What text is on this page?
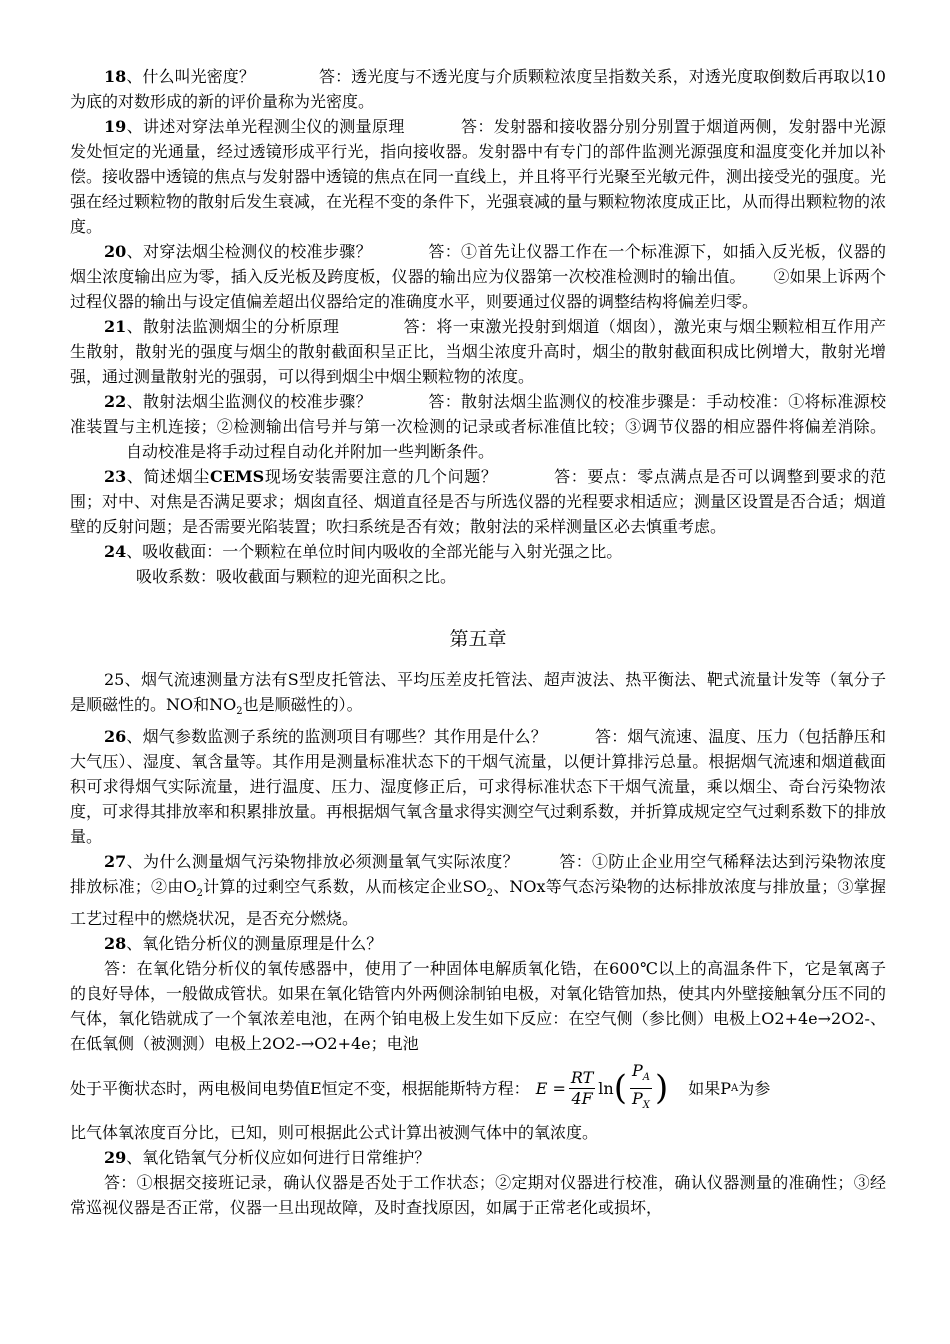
18、什么叫光密度？	答：透光度与不透光度与介质颗粒浓度呈指数关系，对透光度取倒数后再取以10为底的对数形成的新的评价量称为光密度。

19、讲述对穿法单光程测尘仪的测量原理	答：发射器和接收器分别分别置于烟道两侧，发射器中光源发处恒定的光通量，经过透镜形成平行光，指向接收器。发射器中有专门的部件监测光源强度和温度变化并加以补偿。接收器中透镜的焦点与发射器中透镜的焦点在同一直线上，并且将平行光聚至光敏元件，测出接受光的强度。光强在经过颗粒物的散射后发生衰减，在光程不变的条件下，光强衰减的量与颗粒物浓度成正比，从而得出颗粒物的浓度。

20、对穿法烟尘检测仪的校准步骤？	答：①首先让仪器工作在一个标准源下，如插入反光板，仪器的烟尘浓度输出应为零，插入反光板及跨度板，仪器的输出应为仪器第一次校准检测时的输出值。 ②如果上诉两个过程仪器的输出与设定值偏差超出仪器给定的准确度水平，则要通过仪器的调整结构将偏差归零。

21、散射法监测烟尘的分析原理	答：将一束激光投射到烟道（烟囱），激光束与烟尘颗粒相互作用产生散射，散射光的强度与烟尘的散射截面积呈正比，当烟尘浓度升高时，烟尘的散射截面积成比例增大，散射光增强，通过测量散射光的强弱，可以得到烟尘中烟尘颗粒物的浓度。

22、散射法烟尘监测仪的校准步骤？	答：散射法烟尘监测仪的校准步骤是：手动校准：①将标准源校准装置与主机连接；②检测输出信号并与第一次检测的记录或者标准值比较；③调节仪器的相应器件将偏差消除。自动校准是将手动过程自动化并附加一些判断条件。

23、简述烟尘CEMS现场安装需要注意的几个问题？	答：要点：零点满点是否可以调整到要求的范围；对中、对焦是否满足要求；烟囱直径、烟道直径是否与所选仪器的光程要求相适应；测量区设置是否合适；烟道壁的反射问题；是否需要光陷装置；吹扫系统是否有效；散射法的采样测量区必去慎重考虑。

24、吸收截面：一个颗粒在单位时间内吸收的全部光能与入射光强之比。

吸收系数：吸收截面与颗粒的迎光面积之比。

第五章

25、烟气流速测量方法有S型皮托管法、平均压差皮托管法、超声波法、热平衡法、靶式流量计发等（氧分子是顺磁性的。NO和$NO_2$也是顺磁性的）。

26、烟气参数监测子系统的监测项目有哪些？其作用是什么？	答：烟气流速、温度、压力（包括静压和大气压）、湿度、氧含量等。其作用是测量标准状态下的干烟气流量，以便计算排污总量。根据烟气流速和烟道截面积可求得烟气实际流量，进行温度、压力、湿度修正后，可求得标准状态下干烟气流量，乘以烟尘、奇台污染物浓度，可求得其排放率和积累排放量。再根据烟气氧含量求得实测空气过剩系数，并折算成规定空气过剩系数下的排放量。

27、为什么测量烟气污染物排放必须测量氧气实际浓度？	答：①防止企业用空气稀释法达到污染物浓度排放标准；②由$O_2$计算的过剩空气系数，从而核定企业$SO_2$、NOx等气态污染物的达标排放浓度与排放量；③掌握工艺过程中的燃烧状况，是否充分燃烧。

28、氧化锆分析仪的测量原理是什么？

答：在氧化锆分析仪的氧传感器中，使用了一种固体电解质氧化锆，在600℃以上的高温条件下，它是氧离子的良好导体，一般做成管状。如果在氧化锆管内外两侧涂制铂电极，对氧化锆管加热，使其内外壁接触氧分压不同的气体，氧化锆就成了一个氧浓差电池，在两个铂电极上发生如下反应：在空气侧（参比侧）电极上O2+4e→2O2-、在低氧侧（被测测）电极上2O2-→O2+4e；电池

处于平衡状态时，两电极间电势值E恒定不变，根据能斯特方程： $E = \frac{RT}{4F}$ ln ( $\frac{P_A}{P_X}$ ) 如果P A 为参

比气体氧浓度百分比，已知，则可根据此公式计算出被测气体中的氧浓度。

29、氧化锆氧气分析仪应如何进行日常维护？

答：①根据交接班记录，确认仪器是否处于工作状态；②定期对仪器进行校准，确认仪器测量的准确性；③经常巡视仪器是否正常，仪器一旦出现故障，及时查找原因，如属于正常老化或损坏，
